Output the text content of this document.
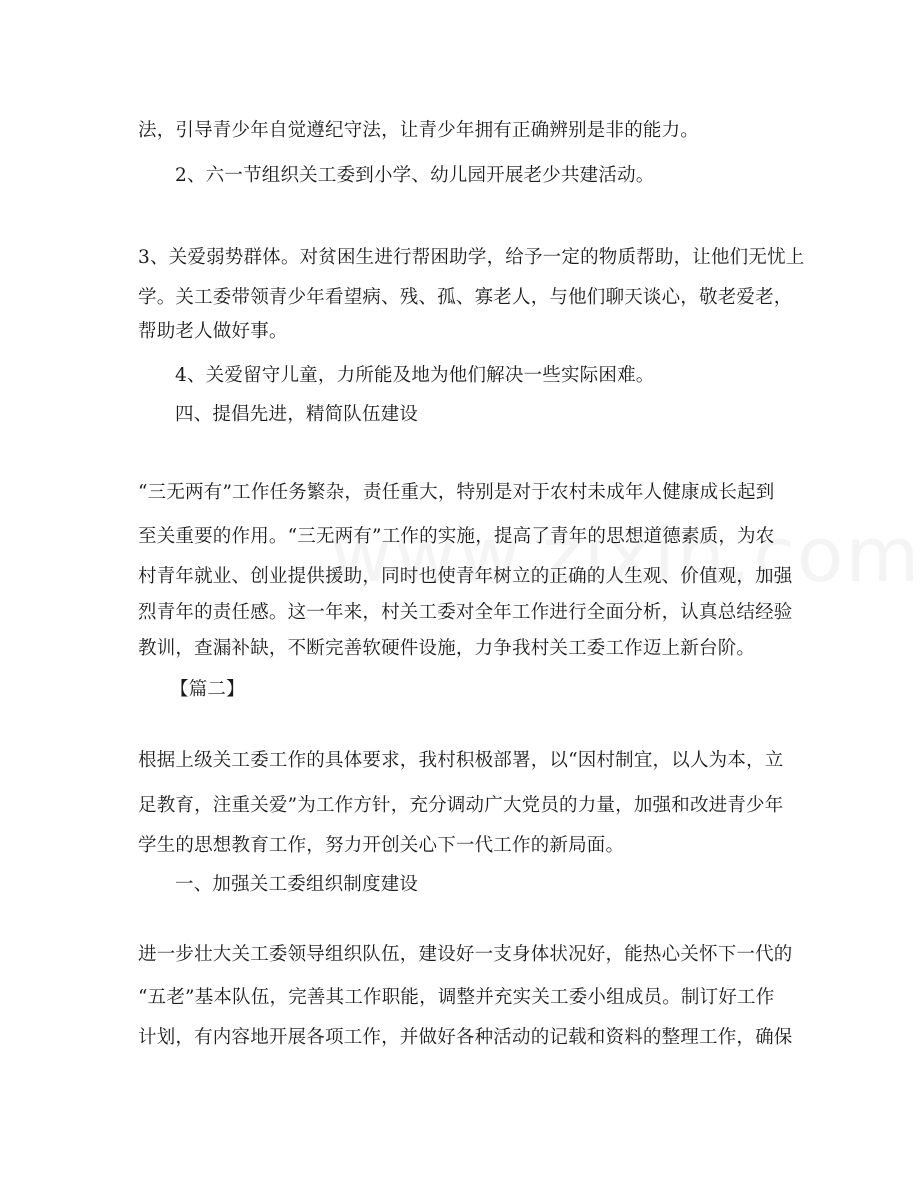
法，引导青少年自觉遵纪守法，让青少年拥有正确辨别是非的能力。
2、六一节组织关工委到小学、幼儿园开展老少共建活动。
3、关爱弱势群体。对贫困生进行帮困助学，给予一定的物质帮助，让他们无忧上
学。关工委带领青少年看望病、残、孤、寡老人，与他们聊天谈心，敬老爱老，
帮助老人做好事。
4、关爱留守儿童，力所能及地为他们解决一些实际困难。
四、提倡先进，精简队伍建设
“三无两有”工作任务繁杂，责任重大，特别是对于农村未成年人健康成长起到
至关重要的作用。“三无两有”工作的实施，提高了青年的思想道德素质，为农
村青年就业、创业提供援助，同时也使青年树立的正确的人生观、价值观，加强
烈青年的责任感。这一年来，村关工委对全年工作进行全面分析，认真总结经验
教训，查漏补缺，不断完善软硬件设施，力争我村关工委工作迈上新台阶。
【篇二】
根据上级关工委工作的具体要求，我村积极部署，以“因村制宜，以人为本，立
足教育，注重关爱”为工作方针，充分调动广大党员的力量，加强和改进青少年
学生的思想教育工作，努力开创关心下一代工作的新局面。
一、加强关工委组织制度建设
进一步壮大关工委领导组织队伍，建设好一支身体状况好，能热心关怀下一代的
“五老”基本队伍，完善其工作职能，调整并充实关工委小组成员。制订好工作
计划，有内容地开展各项工作，并做好各种活动的记载和资料的整理工作，确保
